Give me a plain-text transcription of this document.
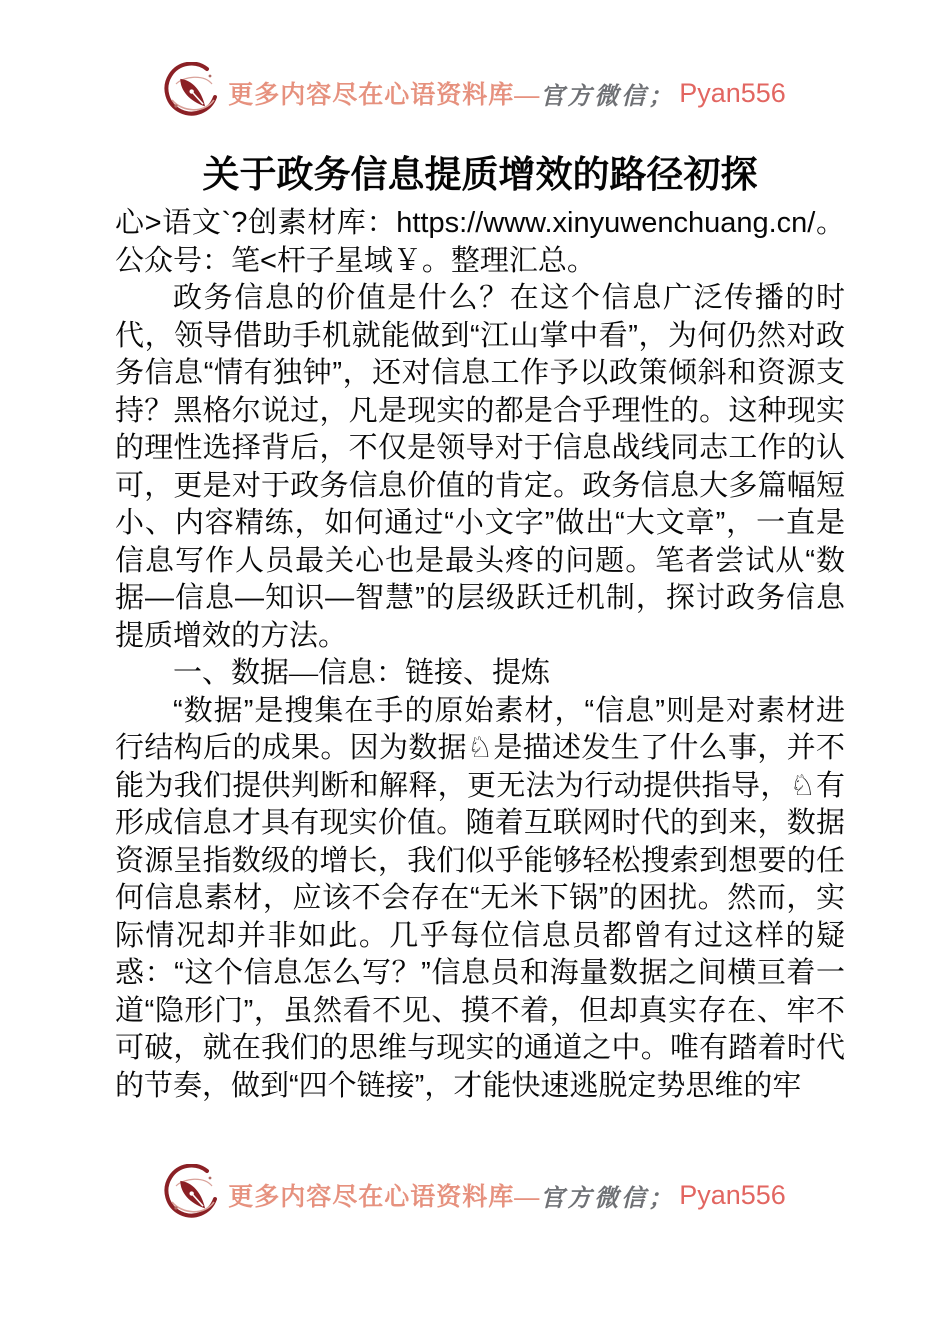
更多内容尽在心语资料库— 官方微信； Pyan556
关于政务信息提质增效的路径初探

心>语文`?创素材库：https://www.xinyuwenchuang.cn/。公众号：笔<杆子星域￥。整理汇总。

政务信息的价值是什么？在这个信息广泛传播的时代，领导借助手机就能做到“江山掌中看”，为何仍然对政务信息“情有独钟”，还对信息工作予以政策倾斜和资源支持？黑格尔说过，凡是现实的都是合乎理性的。这种现实的理性选择背后，不仅是领导对于信息战线同志工作的认可，更是对于政务信息价值的肯定。政务信息大多篇幅短小、内容精练，如何通过“小文字”做出“大文章”，一直是信息写作人员最关心也是最头疼的问题。笔者尝试从“数据—信息—知识—智慧”的层级跃迁机制，探讨政务信息提质增效的方法。

一、数据—信息：链接、提炼

“数据”是搜集在手的原始素材，“信息”则是对素材进行结构后的成果。因为数据♘是描述发生了什么事，并不能为我们提供判断和解释，更无法为行动提供指导，♘有形成信息才具有现实价值。随着互联网时代的到来，数据资源呈指数级的增长，我们似乎能够轻松搜索到想要的任何信息素材，应该不会存在“无米下锅”的困扰。然而，实际情况却并非如此。几乎每位信息员都曾有过这样的疑惑：“这个信息怎么写？”信息员和海量数据之间横亘着一道“隐形门”，虽然看不见、摸不着，但却真实存在、牢不可破，就在我们的思维与现实的通道之中。唯有踏着时代的节奏，做到“四个链接”，才能快速逃脱定势思维的牢

更多内容尽在心语资料库— 官方微信； Pyan556
